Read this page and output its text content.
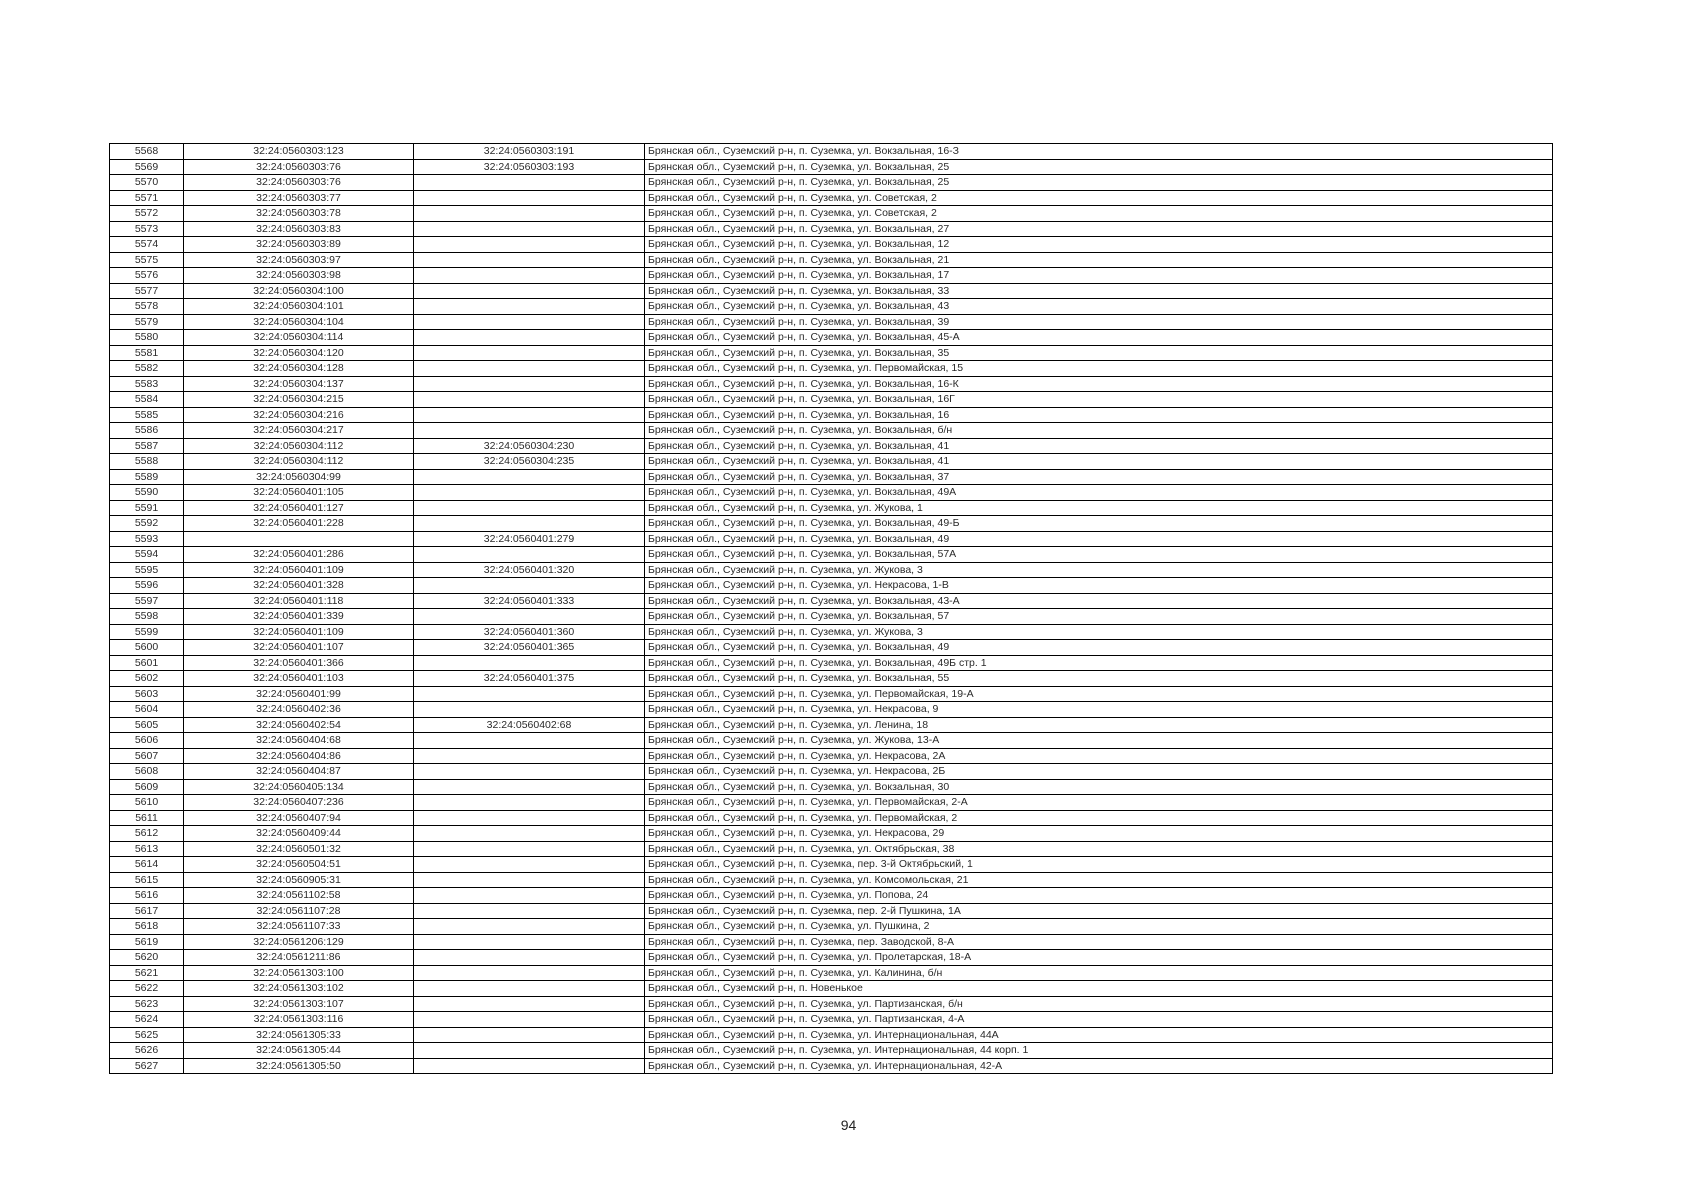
5568	32:24:0560303:123	32:24:0560303:191	Брянская обл., Суземский р-н, п. Суземка, ул. Вокзальная, 16-З
5569	32:24:0560303:76	32:24:0560303:193	Брянская обл., Суземский р-н, п. Суземка, ул. Вокзальная, 25
5570	32:24:0560303:76		Брянская обл., Суземский р-н, п. Суземка, ул. Вокзальная, 25
5571	32:24:0560303:77		Брянская обл., Суземский р-н, п. Суземка, ул. Советская, 2
5572	32:24:0560303:78		Брянская обл., Суземский р-н, п. Суземка, ул. Советская, 2
5573	32:24:0560303:83		Брянская обл., Суземский р-н, п. Суземка, ул. Вокзальная, 27
5574	32:24:0560303:89		Брянская обл., Суземский р-н, п. Суземка, ул. Вокзальная, 12
5575	32:24:0560303:97		Брянская обл., Суземский р-н, п. Суземка, ул. Вокзальная, 21
5576	32:24:0560303:98		Брянская обл., Суземский р-н, п. Суземка, ул. Вокзальная, 17
5577	32:24:0560304:100		Брянская обл., Суземский р-н, п. Суземка, ул. Вокзальная, 33
5578	32:24:0560304:101		Брянская обл., Суземский р-н, п. Суземка, ул. Вокзальная, 43
5579	32:24:0560304:104		Брянская обл., Суземский р-н, п. Суземка, ул. Вокзальная, 39
5580	32:24:0560304:114		Брянская обл., Суземский р-н, п. Суземка, ул. Вокзальная, 45-А
5581	32:24:0560304:120		Брянская обл., Суземский р-н, п. Суземка, ул. Вокзальная, 35
5582	32:24:0560304:128		Брянская обл., Суземский р-н, п. Суземка, ул. Первомайская, 15
5583	32:24:0560304:137		Брянская обл., Суземский р-н, п. Суземка, ул. Вокзальная, 16-К
5584	32:24:0560304:215		Брянская обл., Суземский р-н, п. Суземка, ул. Вокзальная, 16Г
5585	32:24:0560304:216		Брянская обл., Суземский р-н, п. Суземка, ул. Вокзальная, 16
5586	32:24:0560304:217		Брянская обл., Суземский р-н, п. Суземка, ул. Вокзальная, б/н
5587	32:24:0560304:112	32:24:0560304:230	Брянская обл., Суземский р-н, п. Суземка, ул. Вокзальная, 41
5588	32:24:0560304:112	32:24:0560304:235	Брянская обл., Суземский р-н, п. Суземка, ул. Вокзальная, 41
5589	32:24:0560304:99		Брянская обл., Суземский р-н, п. Суземка, ул. Вокзальная, 37
5590	32:24:0560401:105		Брянская обл., Суземский р-н, п. Суземка, ул. Вокзальная, 49А
5591	32:24:0560401:127		Брянская обл., Суземский р-н, п. Суземка, ул. Жукова, 1
5592	32:24:0560401:228		Брянская обл., Суземский р-н, п. Суземка, ул. Вокзальная, 49-Б
5593		32:24:0560401:279	Брянская обл., Суземский р-н, п. Суземка, ул. Вокзальная, 49
5594	32:24:0560401:286		Брянская обл., Суземский р-н, п. Суземка, ул. Вокзальная, 57А
5595	32:24:0560401:109	32:24:0560401:320	Брянская обл., Суземский р-н, п. Суземка, ул. Жукова, 3
5596	32:24:0560401:328		Брянская обл., Суземский р-н, п. Суземка, ул. Некрасова, 1-В
5597	32:24:0560401:118	32:24:0560401:333	Брянская обл., Суземский р-н, п. Суземка, ул. Вокзальная, 43-А
5598	32:24:0560401:339		Брянская обл., Суземский р-н, п. Суземка, ул. Вокзальная, 57
5599	32:24:0560401:109	32:24:0560401:360	Брянская обл., Суземский р-н, п. Суземка, ул. Жукова, 3
5600	32:24:0560401:107	32:24:0560401:365	Брянская обл., Суземский р-н, п. Суземка, ул. Вокзальная, 49
5601	32:24:0560401:366		Брянская обл., Суземский р-н, п. Суземка, ул. Вокзальная, 49Б стр. 1
5602	32:24:0560401:103	32:24:0560401:375	Брянская обл., Суземский р-н, п. Суземка, ул. Вокзальная, 55
5603	32:24:0560401:99		Брянская обл., Суземский р-н, п. Суземка, ул. Первомайская, 19-А
5604	32:24:0560402:36		Брянская обл., Суземский р-н, п. Суземка, ул. Некрасова, 9
5605	32:24:0560402:54	32:24:0560402:68	Брянская обл., Суземский р-н, п. Суземка, ул. Ленина, 18
5606	32:24:0560404:68		Брянская обл., Суземский р-н, п. Суземка, ул. Жукова, 13-А
5607	32:24:0560404:86		Брянская обл., Суземский р-н, п. Суземка, ул. Некрасова, 2А
5608	32:24:0560404:87		Брянская обл., Суземский р-н, п. Суземка, ул. Некрасова, 2Б
5609	32:24:0560405:134		Брянская обл., Суземский р-н, п. Суземка, ул. Вокзальная, 30
5610	32:24:0560407:236		Брянская обл., Суземский р-н, п. Суземка, ул. Первомайская, 2-А
5611	32:24:0560407:94		Брянская обл., Суземский р-н, п. Суземка, ул. Первомайская, 2
5612	32:24:0560409:44		Брянская обл., Суземский р-н, п. Суземка, ул. Некрасова, 29
5613	32:24:0560501:32		Брянская обл., Суземский р-н, п. Суземка, ул. Октябрьская, 38
5614	32:24:0560504:51		Брянская обл., Суземский р-н, п. Суземка, пер. 3-й Октябрьский, 1
5615	32:24:0560905:31		Брянская обл., Суземский р-н, п. Суземка, ул. Комсомольская, 21
5616	32:24:0561102:58		Брянская обл., Суземский р-н, п. Суземка, ул. Попова, 24
5617	32:24:0561107:28		Брянская обл., Суземский р-н, п. Суземка, пер. 2-й Пушкина, 1А
5618	32:24:0561107:33		Брянская обл., Суземский р-н, п. Суземка, ул. Пушкина, 2
5619	32:24:0561206:129		Брянская обл., Суземский р-н, п. Суземка, пер. Заводской, 8-А
5620	32:24:0561211:86		Брянская обл., Суземский р-н, п. Суземка, ул. Пролетарская, 18-А
5621	32:24:0561303:100		Брянская обл., Суземский р-н, п. Суземка, ул. Калинина, б/н
5622	32:24:0561303:102		Брянская обл., Суземский р-н, п. Новенькое
5623	32:24:0561303:107		Брянская обл., Суземский р-н, п. Суземка, ул. Партизанская, б/н
5624	32:24:0561303:116		Брянская обл., Суземский р-н, п. Суземка, ул. Партизанская, 4-А
5625	32:24:0561305:33		Брянская обл., Суземский р-н, п. Суземка, ул. Интернациональная, 44А
5626	32:24:0561305:44		Брянская обл., Суземский р-н, п. Суземка, ул. Интернациональная, 44 корп. 1
5627	32:24:0561305:50		Брянская обл., Суземский р-н, п. Суземка, ул. Интернациональная, 42-А
94
